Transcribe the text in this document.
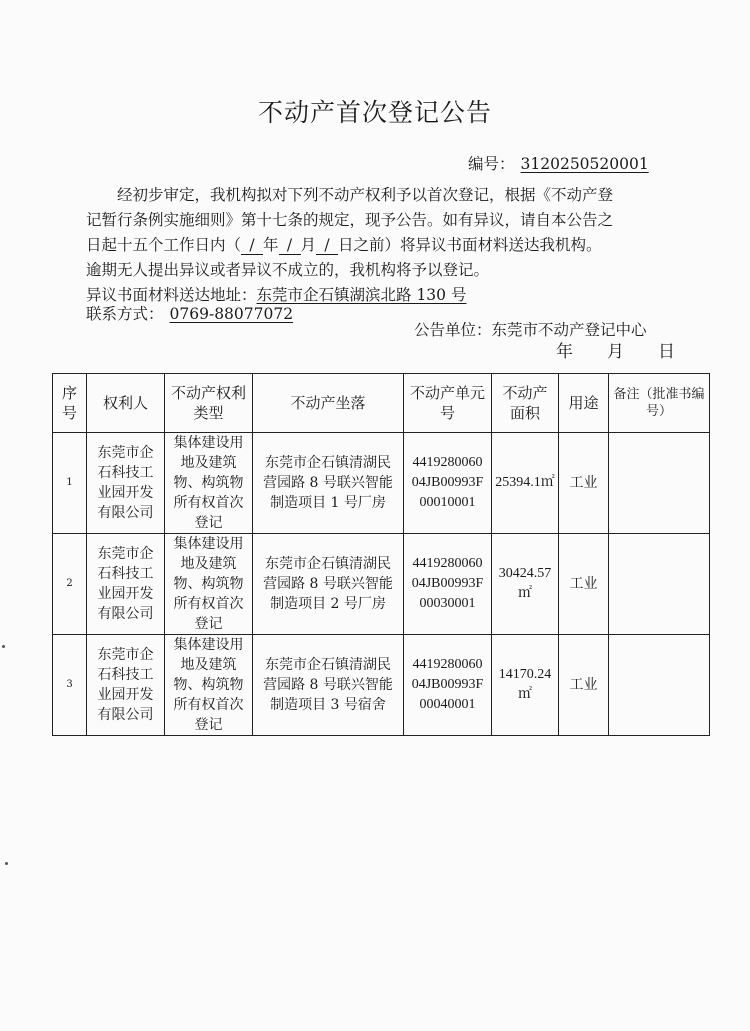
不动产首次登记公告
编号： 3120250520001
经初步审定，我机构拟对下列不动产权利予以首次登记，根据《不动产登
记暂行条例实施细则》第十七条的规定，现予公告。如有异议，请自本公告之
日起十五个工作日内（ / 年 / 月 / 日之前）将异议书面材料送达我机构。
逾期无人提出异议或者异议不成立的，我机构将予以登记。
异议书面材料送达地址：东莞市企石镇湖滨北路 130 号
联系方式： 0769-88077072
公告单位：东莞市不动产登记中心
年　　月　　日
序号	权利人	不动产权利类型	不动产坐落	不动产单元号	不动产面积	用途	备注（批准书编号）
1	东莞市企石科技工业园开发有限公司	集体建设用地及建筑物、构筑物所有权首次登记	东莞市企石镇清湖民营园路 8 号联兴智能制造项目 1 号厂房	441928006004JB00993F00010001	25394.1㎡	工业	
2	东莞市企石科技工业园开发有限公司	集体建设用地及建筑物、构筑物所有权首次登记	东莞市企石镇清湖民营园路 8 号联兴智能制造项目 2 号厂房	441928006004JB00993F00030001	30424.57㎡	工业	
3	东莞市企石科技工业园开发有限公司	集体建设用地及建筑物、构筑物所有权首次登记	东莞市企石镇清湖民营园路 8 号联兴智能制造项目 3 号宿舍	441928006004JB00993F00040001	14170.24㎡	工业	
